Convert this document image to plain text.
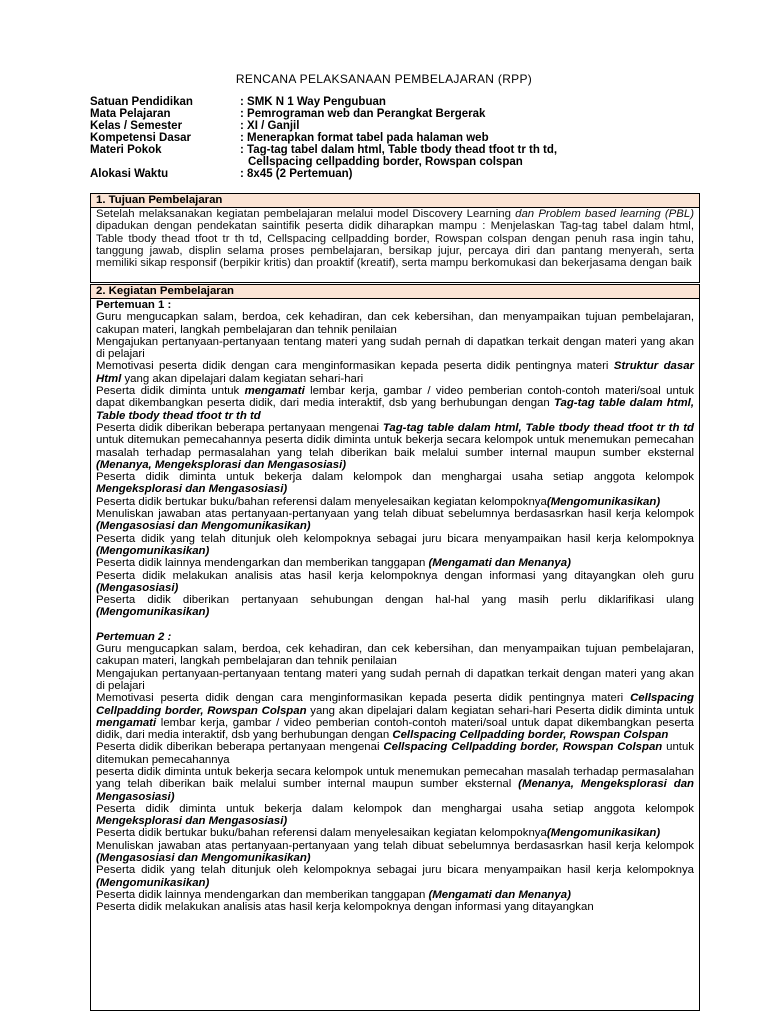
RENCANA PELAKSANAAN PEMBELAJARAN (RPP)
Satuan Pendidikan	: SMK N 1 Way Pengubuan
Mata Pelajaran	: Pemrograman web dan Perangkat Bergerak
Kelas / Semester	: XI / Ganjil
Kompetensi Dasar	: Menerapkan format tabel pada halaman web
Materi Pokok	: Tag-tag tabel dalam html, Table tbody thead tfoot tr th td,
Cellspacing cellpadding border, Rowspan colspan
Alokasi Waktu	: 8x45 (2 Pertemuan)
1. Tujuan Pembelajaran
Setelah melaksanakan kegiatan pembelajaran melalui model Discovery Learning dan Problem based learning (PBL) dipadukan dengan pendekatan saintifik peserta didik diharapkan mampu : Menjelaskan Tag-tag tabel dalam html, Table tbody thead tfoot tr th td, Cellspacing cellpadding border, Rowspan colspan dengan penuh rasa ingin tahu, tanggung jawab, displin selama proses pembelajaran, bersikap jujur, percaya diri dan pantang menyerah, serta memiliki sikap responsif (berpikir kritis) dan proaktif (kreatif), serta mampu berkomukasi dan bekerjasama dengan baik
2. Kegiatan Pembelajaran

Pertemuan 1 :

Guru mengucapkan salam, berdoa, cek kehadiran, dan cek kebersihan, dan menyampaikan tujuan pembelajaran, cakupan materi, langkah pembelajaran dan tehnik penilaian

Mengajukan pertanyaan-pertanyaan tentang materi yang sudah pernah di dapatkan terkait dengan materi yang akan di pelajari

Memotivasi peserta didik dengan cara menginformasikan kepada peserta didik pentingnya materi Struktur dasar Html yang akan dipelajari dalam kegiatan sehari-hari

Peserta didik diminta untuk mengamati lembar kerja, gambar / video pemberian contoh-contoh materi/soal untuk dapat dikembangkan peserta didik, dari media interaktif, dsb yang berhubungan dengan Tag-tag table dalam html, Table tbody thead tfoot tr th td

Peserta didik diberikan beberapa pertanyaan mengenai Tag-tag table dalam html, Table tbody thead tfoot tr th td untuk ditemukan pemecahannya peserta didik diminta untuk bekerja secara kelompok untuk menemukan pemecahan masalah terhadap permasalahan yang telah diberikan baik melalui sumber internal maupun sumber eksternal (Menanya, Mengeksplorasi dan Mengasosiasi)

Peserta didik diminta untuk bekerja dalam kelompok dan menghargai usaha setiap anggota kelompok Mengeksplorasi dan Mengasosiasi)

Peserta didik bertukar buku/bahan referensi dalam menyelesaikan kegiatan kelompoknya(Mengomunikasikan)

Menuliskan jawaban atas pertanyaan-pertanyaan yang telah dibuat sebelumnya berdasasrkan hasil kerja kelompok (Mengasosiasi dan Mengomunikasikan)

Peserta didik yang telah ditunjuk oleh kelompoknya sebagai juru bicara menyampaikan hasil kerja kelompoknya (Mengomunikasikan)

Peserta didik lainnya mendengarkan dan memberikan tanggapan (Mengamati dan Menanya)

Peserta didik melakukan analisis atas hasil kerja kelompoknya dengan informasi yang ditayangkan oleh guru (Mengasosiasi)

Peserta didik diberikan pertanyaan sehubungan dengan hal-hal yang masih perlu diklarifikasi ulang (Mengomunikasikan)

Pertemuan 2 :

Guru mengucapkan salam, berdoa, cek kehadiran, dan cek kebersihan, dan menyampaikan tujuan pembelajaran, cakupan materi, langkah pembelajaran dan tehnik penilaian

Mengajukan pertanyaan-pertanyaan tentang materi yang sudah pernah di dapatkan terkait dengan materi yang akan di pelajari

Memotivasi peserta didik dengan cara menginformasikan kepada peserta didik pentingnya materi Cellspacing Cellpadding border, Rowspan Colspan yang akan dipelajari dalam kegiatan sehari-hari Peserta didik diminta untuk mengamati lembar kerja, gambar / video pemberian contoh-contoh materi/soal untuk dapat dikembangkan peserta didik, dari media interaktif, dsb yang berhubungan dengan Cellspacing Cellpadding border, Rowspan Colspan

Peserta didik diberikan beberapa pertanyaan mengenai Cellspacing Cellpadding border, Rowspan Colspan untuk ditemukan pemecahannya

peserta didik diminta untuk bekerja secara kelompok untuk menemukan pemecahan masalah terhadap permasalahan yang telah diberikan baik melalui sumber internal maupun sumber eksternal (Menanya, Mengeksplorasi dan Mengasosiasi)

Peserta didik diminta untuk bekerja dalam kelompok dan menghargai usaha setiap anggota kelompok Mengeksplorasi dan Mengasosiasi)

Peserta didik bertukar buku/bahan referensi dalam menyelesaikan kegiatan kelompoknya(Mengomunikasikan)

Menuliskan jawaban atas pertanyaan-pertanyaan yang telah dibuat sebelumnya berdasasrkan hasil kerja kelompok (Mengasosiasi dan Mengomunikasikan)

Peserta didik yang telah ditunjuk oleh kelompoknya sebagai juru bicara menyampaikan hasil kerja kelompoknya (Mengomunikasikan)

Peserta didik lainnya mendengarkan dan memberikan tanggapan (Mengamati dan Menanya)

Peserta didik melakukan analisis atas hasil kerja kelompoknya dengan informasi yang ditayangkan
